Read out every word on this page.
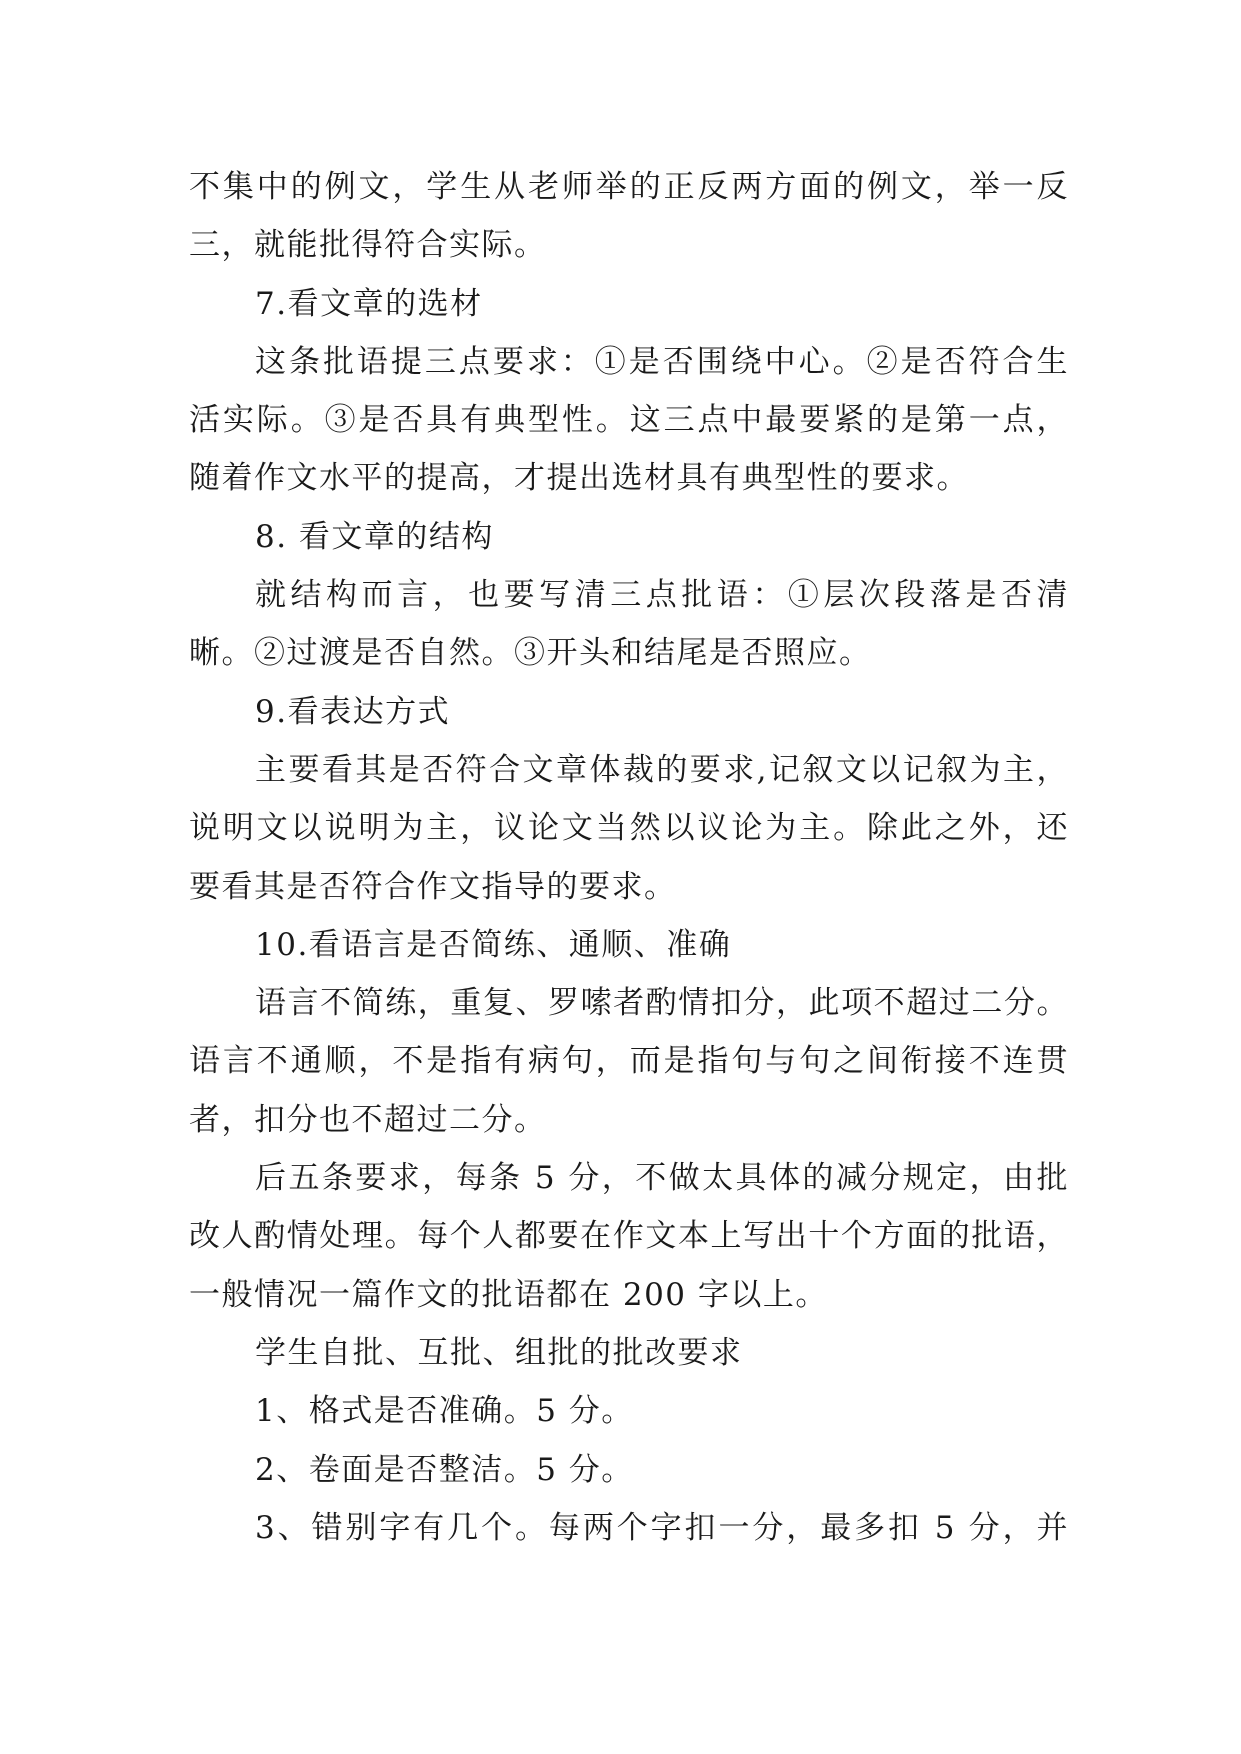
不集中的例文，学生从老师举的正反两方面的例文，举一反
三，就能批得符合实际。
7.看文章的选材
这条批语提三点要求：①是否围绕中心。②是否符合生
活实际。③是否具有典型性。这三点中最要紧的是第一点，
随着作文水平的提高，才提出选材具有典型性的要求。
8. 看文章的结构
就结构而言，也要写清三点批语：①层次段落是否清
晰。②过渡是否自然。③开头和结尾是否照应。
9.看表达方式
主要看其是否符合文章体裁的要求,记叙文以记叙为主，
说明文以说明为主，议论文当然以议论为主。除此之外，还
要看其是否符合作文指导的要求。
10.看语言是否简练、通顺、准确
语言不简练，重复、罗嗦者酌情扣分，此项不超过二分。
语言不通顺，不是指有病句，而是指句与句之间衔接不连贯
者，扣分也不超过二分。
后五条要求，每条 5 分，不做太具体的减分规定，由批
改人酌情处理。每个人都要在作文本上写出十个方面的批语，
一般情况一篇作文的批语都在 200 字以上。
学生自批、互批、组批的批改要求
1、格式是否准确。5 分。
2、卷面是否整洁。5 分。
3、错别字有几个。每两个字扣一分，最多扣 5 分，并
